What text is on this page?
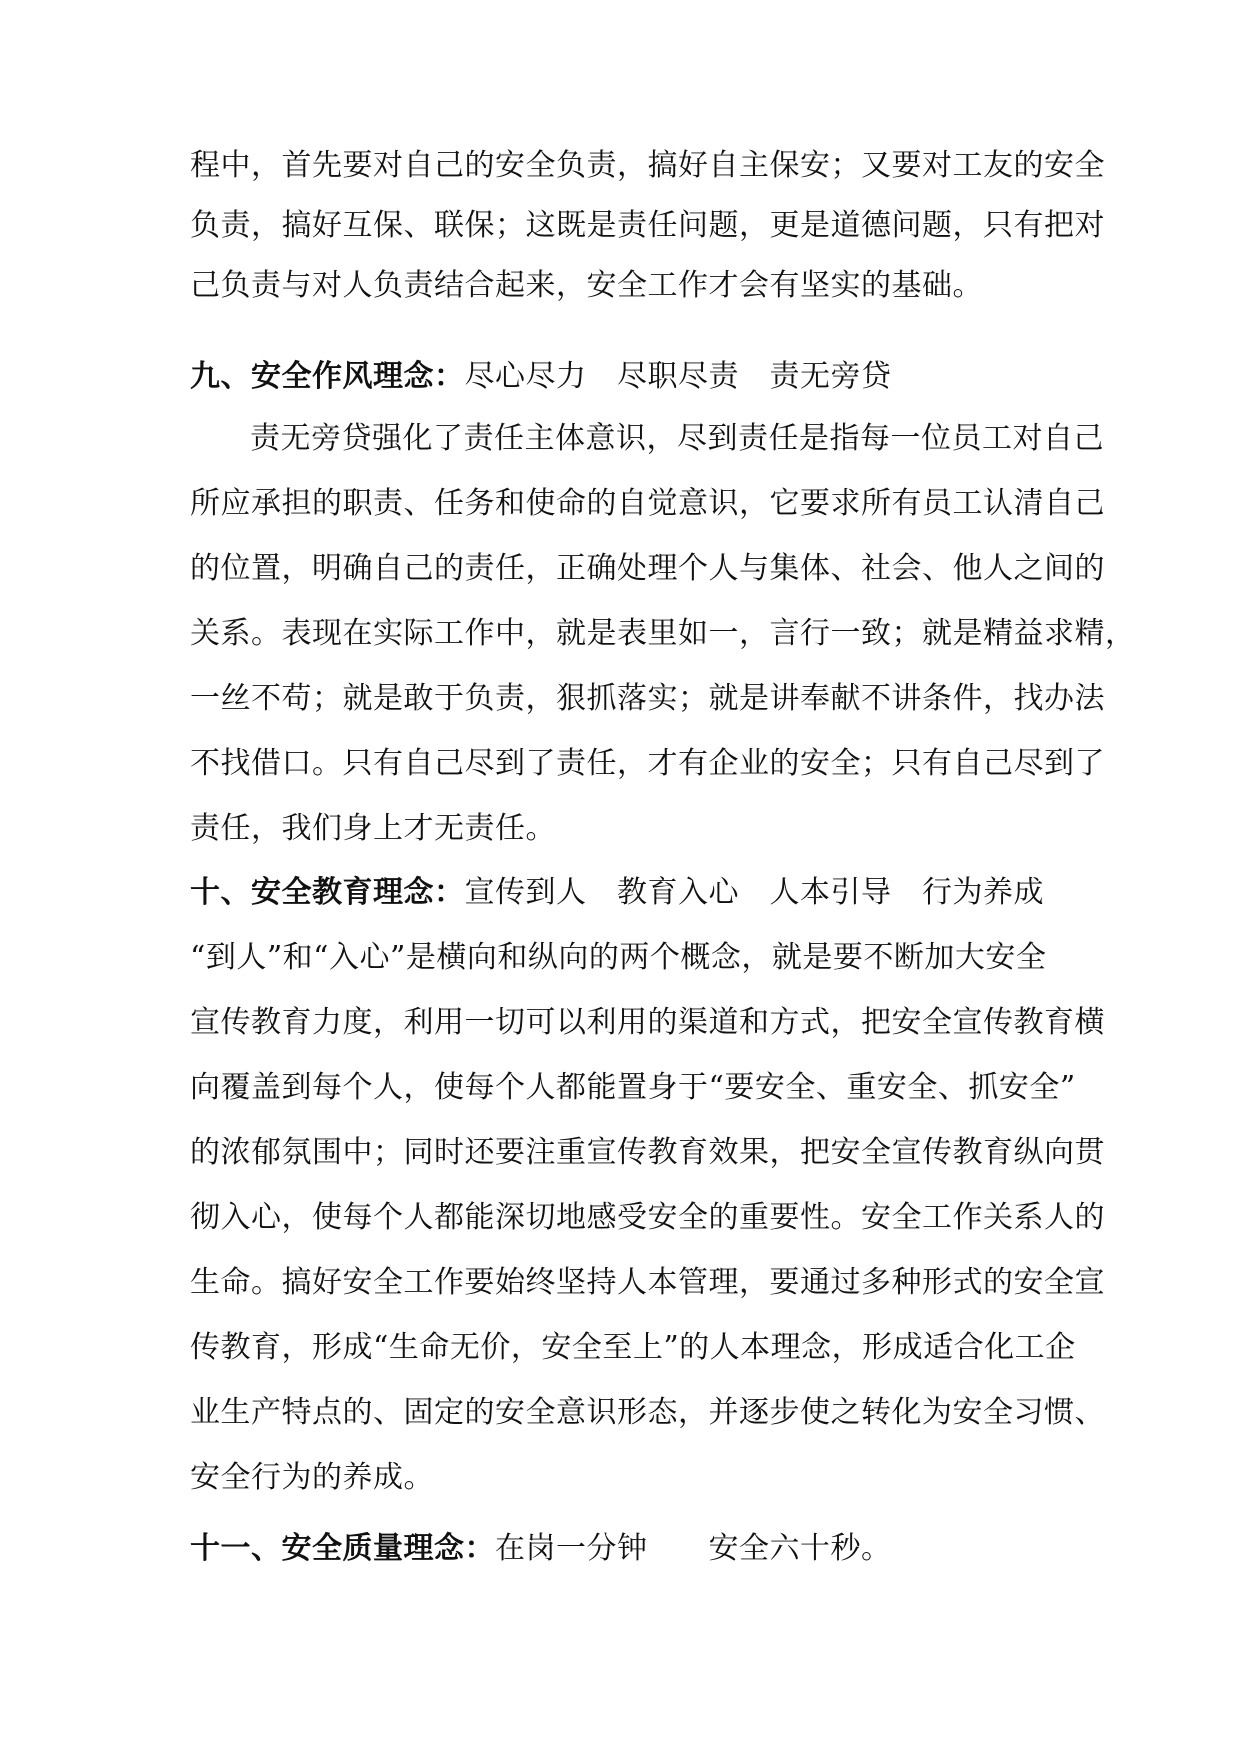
程中，首先要对自己的安全负责，搞好自主保安；又要对工友的安全
负责，搞好互保、联保；这既是责任问题，更是道德问题，只有把对
己负责与对人负责结合起来，安全工作才会有坚实的基础。
九、安全作风理念：尽心尽力　尽职尽责　责无旁贷
责无旁贷强化了责任主体意识，尽到责任是指每一位员工对自己
所应承担的职责、任务和使命的自觉意识，它要求所有员工认清自己
的位置，明确自己的责任，正确处理个人与集体、社会、他人之间的
关系。表现在实际工作中，就是表里如一，言行一致；就是精益求精，
一丝不苟；就是敢于负责，狠抓落实；就是讲奉献不讲条件，找办法
不找借口。只有自己尽到了责任，才有企业的安全；只有自己尽到了
责任，我们身上才无责任。
十、安全教育理念：宣传到人　教育入心　人本引导　行为养成
“到人”和“入心”是横向和纵向的两个概念，就是要不断加大安全
宣传教育力度，利用一切可以利用的渠道和方式，把安全宣传教育横
向覆盖到每个人，使每个人都能置身于“要安全、重安全、抓安全”
的浓郁氛围中；同时还要注重宣传教育效果，把安全宣传教育纵向贯
彻入心，使每个人都能深切地感受安全的重要性。安全工作关系人的
生命。搞好安全工作要始终坚持人本管理，要通过多种形式的安全宣
传教育，形成“生命无价，安全至上”的人本理念，形成适合化工企
业生产特点的、固定的安全意识形态，并逐步使之转化为安全习惯、
安全行为的养成。
十一、安全质量理念：在岗一分钟　　安全六十秒。
